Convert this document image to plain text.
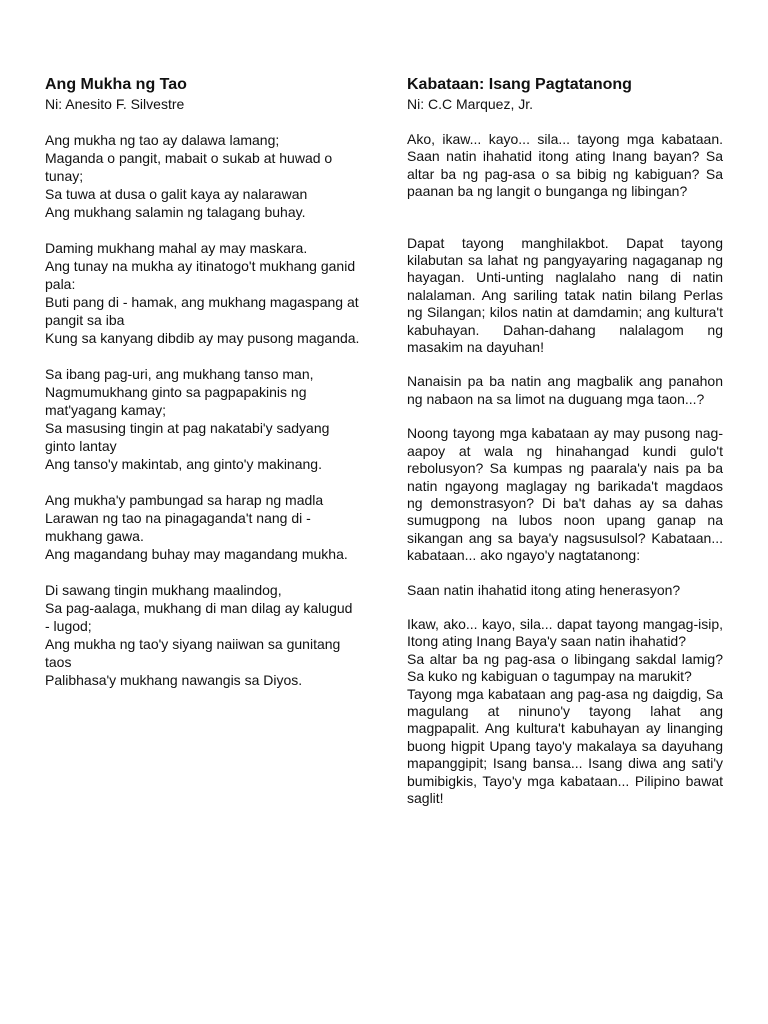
Ang Mukha ng Tao

Ni: Anesito F. Silvestre

Ang mukha ng tao ay dalawa lamang;
Maganda o pangit, mabait o sukab at huwad o tunay;
Sa tuwa at dusa o galit kaya ay nalarawan
Ang mukhang salamin ng talagang buhay.
Daming mukhang mahal ay may maskara.
Ang tunay na mukha ay itinatogo't mukhang ganid pala:
Buti pang di - hamak, ang mukhang magaspang at pangit sa iba
Kung sa kanyang dibdib ay may pusong maganda.
Sa ibang pag-uri, ang mukhang tanso man,
Nagmumukhang ginto sa pagpapakinis ng mat'yagang kamay;
Sa masusing tingin at pag nakatabi'y sadyang ginto lantay
Ang tanso'y makintab, ang ginto'y makinang.
Ang mukha'y pambungad sa harap ng madla
Larawan ng tao na pinagaganda't nang di - mukhang gawa.
Ang magandang buhay may magandang mukha.
Di sawang tingin mukhang maalindog,
Sa pag-aalaga, mukhang di man dilag ay kalugud - lugod;
Ang mukha ng tao'y siyang naiiwan sa gunitang taos
Palibhasa'y mukhang nawangis sa Diyos.
Kabataan: Isang Pagtatanong

Ni: C.C Marquez, Jr.

Ako, ikaw... kayo... sila... tayong mga kabataan. Saan natin ihahatid itong ating Inang bayan? Sa altar ba ng pag-asa o sa bibig ng kabiguan? Sa paanan ba ng langit o bunganga ng libingan?

Dapat tayong manghilakbot. Dapat tayong kilabutan sa lahat ng pangyayaring nagaganap ng hayagan. Unti-unting naglalaho nang di natin nalalaman. Ang sariling tatak natin bilang Perlas ng Silangan; kilos natin at damdamin; ang kultura't kabuhayan. Dahan-dahang nalalagom ng masakim na dayuhan!

Nanaisin pa ba natin ang magbalik ang panahon ng nabaon na sa limot na duguang mga taon...?

Noong tayong mga kabataan ay may pusong nag-aapoy at wala ng hinahangad kundi gulo't rebolusyon? Sa kumpas ng paarala'y nais pa ba natin ngayong maglagay ng barikada't magdaos ng demonstrasyon? Di ba't dahas ay sa dahas sumugpong na lubos noon upang ganap na sikangan ang sa baya'y nagsusulsol? Kabataan... kabataan... ako ngayo'y nagtatanong:

Saan natin ihahatid itong ating henerasyon?

Ikaw, ako... kayo, sila... dapat tayong mangag-isip, Itong ating Inang Baya'y saan natin ihahatid?

Sa altar ba ng pag-asa o libingang sakdal lamig? Sa kuko ng kabiguan o tagumpay na marukit?

Tayong mga kabataan ang pag-asa ng daigdig, Sa magulang at ninuno'y tayong lahat ang magpapalit. Ang kultura't kabuhayan ay linanging buong higpit Upang tayo'y makalaya sa dayuhang mapanggipit; Isang bansa... Isang diwa ang sati'y bumibigkis, Tayo'y mga kabataan... Pilipino bawat saglit!
